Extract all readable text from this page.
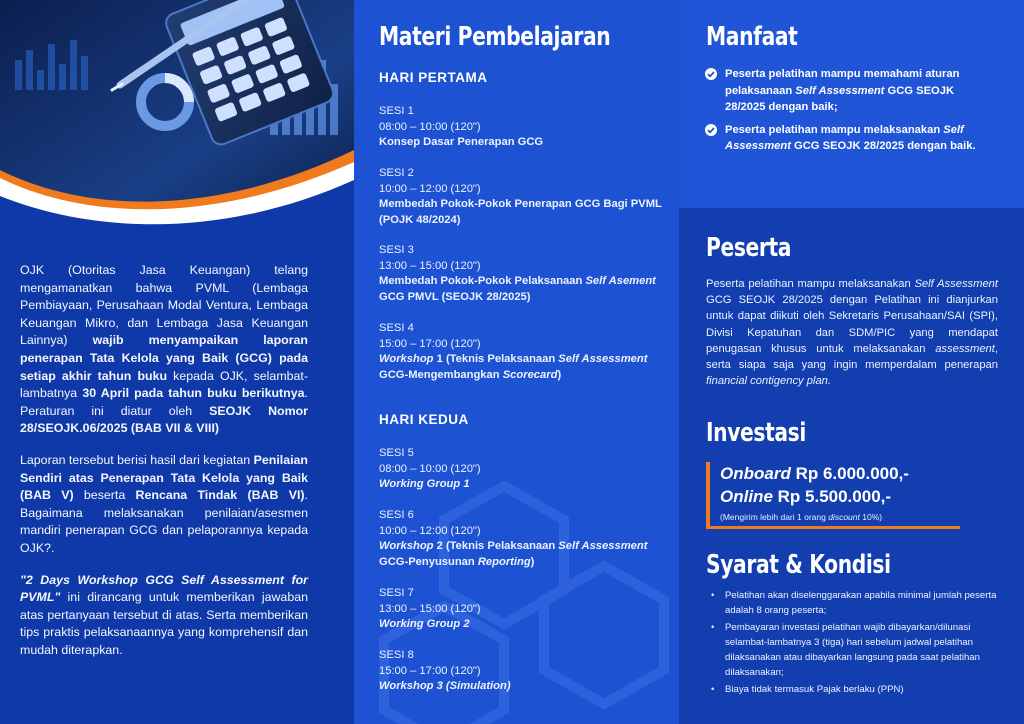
OJK (Otoritas Jasa Keuangan) telang mengamanatkan bahwa PVML (Lembaga Pembiayaan, Perusahaan Modal Ventura, Lembaga Keuangan Mikro, dan Lembaga Jasa Keuangan Lainnya) wajib menyampaikan laporan penerapan Tata Kelola yang Baik (GCG) pada setiap akhir tahun buku kepada OJK, selambat-lambatnya 30 April pada tahun buku berikutnya. Peraturan ini diatur oleh SEOJK Nomor 28/SEOJK.06/2025 (BAB VII & VIII)

Laporan tersebut berisi hasil dari kegiatan Penilaian Sendiri atas Penerapan Tata Kelola yang Baik (BAB V) beserta Rencana Tindak (BAB VI). Bagaimana melaksanakan penilaian/asesmen mandiri penerapan GCG dan pelaporannya kepada OJK?.

"2 Days Workshop GCG Self Assessment for PVML" ini dirancang untuk memberikan jawaban atas pertanyaan tersebut di atas. Serta memberikan tips praktis pelaksanaannya yang komprehensif dan mudah diterapkan.

Materi Pembelajaran
HARI PERTAMA
SESI 1
08:00 – 10:00 (120")
Konsep Dasar Penerapan GCG
SESI 2
10:00 – 12:00 (120")
Membedah Pokok-Pokok Penerapan GCG Bagi PVML (POJK 48/2024)
SESI 3
13:00 – 15:00 (120")
Membedah Pokok-Pokok Pelaksanaan Self Asement GCG PMVL (SEOJK 28/2025)
SESI 4
15:00 – 17:00 (120")
Workshop 1 (Teknis Pelaksanaan Self Assessment GCG-Mengembangkan Scorecard)
HARI KEDUA
SESI 5
08:00 – 10:00 (120")
Working Group 1
SESI 6
10:00 – 12:00 (120")
Workshop 2 (Teknis Pelaksanaan Self Assessment GCG-Penyusunan Reporting)
SESI 7
13:00 – 15:00 (120")
Working Group 2
SESI 8
15:00 – 17:00 (120")
Workshop 3 (Simulation)
Manfaat
Peserta pelatihan mampu memahami aturan pelaksanaan Self Assessment GCG SEOJK 28/2025 dengan baik;
Peserta pelatihan mampu melaksanakan Self Assessment GCG SEOJK 28/2025 dengan baik.
Peserta
Peserta pelatihan mampu melaksanakan Self Assessment GCG SEOJK 28/2025 dengan Pelatihan ini dianjurkan untuk dapat diikuti oleh Sekretaris Perusahaan/SAI (SPI), Divisi Kepatuhan dan SDM/PIC yang mendapat penugasan khusus untuk melaksanakan assessment, serta siapa saja yang ingin memperdalam penerapan financial contigency plan.
Investasi
Onboard Rp 6.000.000,-
Online Rp 5.500.000,-
(Mengirim lebih dari 1 orang discount 10%)
Syarat & Kondisi
• Pelatihan akan diselenggarakan apabila minimal jumlah peserta adalah 8 orang peserta;
• Pembayaran investasi pelatihan wajib dibayarkan/dilunasi selambat-lambatnya 3 (tiga) hari sebelum jadwal pelatihan dilaksanakan atau dibayarkan langsung pada saat pelatihan dilaksanakan;
• Biaya tidak termasuk Pajak berlaku (PPN)
